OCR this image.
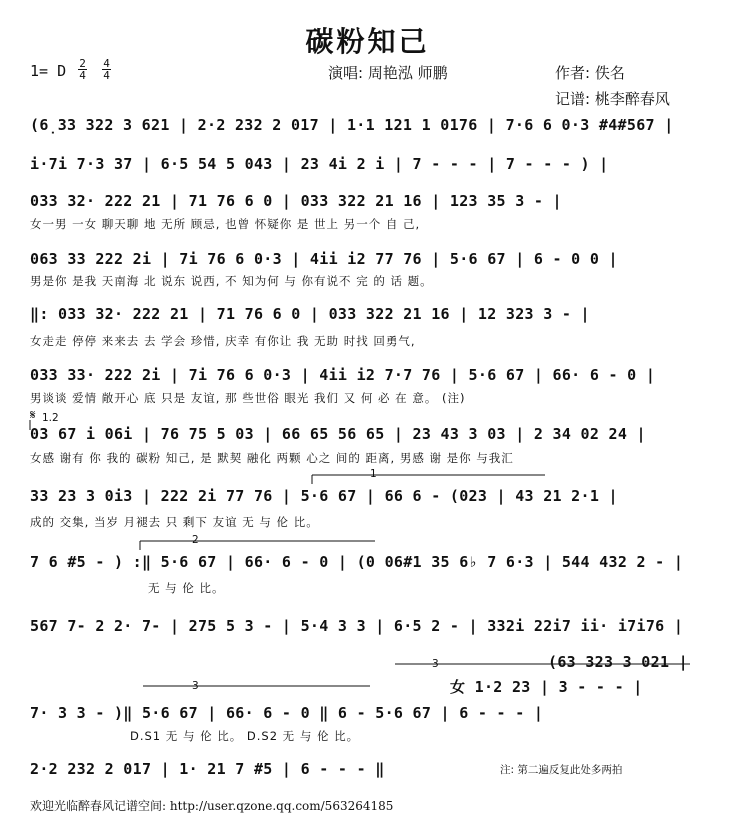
碳粉知己
1= D 2
4
4
4	演唱: 周艳泓 师鹏	作者: 佚名
记谱: 桃李醉春风
(6̣33 322 3 621 | 2·2 232 2 017 | 1·1 121 1 0176 | 7·6 6 0·3 #4#567 |
i·7i 7·3 37 | 6·5 54 5 043 | 23 4i 2 i | 7 - - - | 7 - - - ) |
033 32· 222 21 | 71 76 6 0 | 033 322 21 16 | 123 35 3 - |
女一男 一女 聊天聊 地 无所 顾忌, 也曾 怀疑你 是 世上 另一个 自 己,
063 33 222 2i | 7i 76 6 0·3 | 4ii i2 77 76 | 5·6 67 | 6 - 0 0 |
男是你 是我 天南海 北 说东 说西, 不 知为何 与 你有说不 完 的 话 题。
‖: 033 32· 222 21 | 71 76 6 0 | 033 322 21 16 | 12 323 3 - |
女走走 停停 来来去 去 学会 珍惜, 庆幸 有你让 我 无助 时找 回勇气,
033 33· 222 2i | 7i 76 6 0·3 | 4ii i2 7·7 76 | 5·6 67 | 66· 6 - 0 |
男谈谈 爱情 敞开心 底 只是 友谊, 那 些世俗 眼光 我们 又 何 必 在 意。 (注)
𝄋 1.2
03 67 i 06i | 76 75 5 03 | 66 65 56 65 | 23 43 3 03 | 2 34 02 24 |
女感 谢有 你 我的 碳粉 知己, 是 默契 融化 两颗 心之 间的 距离, 男感 谢 是你 与我汇
1
33 23 3 0i3 | 222 2i 77 76 | 5·6 67 | 66 6 - (023 | 43 21 2·1 |
成的 交集, 当岁 月褪去 只 剩下 友谊 无 与 伦 比。
2
7 6 #5 - ) :‖ 5·6 67 | 66· 6 - 0 | (0 06#1 35 6♭ 7 6·3 | 544 432 2 - |
无 与 伦 比。
567 7- 2 2· 7- | 275 5 3 - | 5·4 3 3 | 6·5 2 - | 332i 22i7 ii· i7i76 |
3	(63 323 3 021 |
女 1·2 23 | 3 - - - |
3
7· 3 3 - )‖ 5·6 67 | 66· 6 - 0 ‖ 6 - 5·6 67 | 6 - - - |
D.S1 无 与 伦 比。 D.S2 无 与 伦 比。
2·2 232 2 017 | 1· 21 7 #5 | 6 - - - ‖	注: 第二遍反复此处多两拍
欢迎光临醉春风记谱空间: http://user.qzone.qq.com/563264185
